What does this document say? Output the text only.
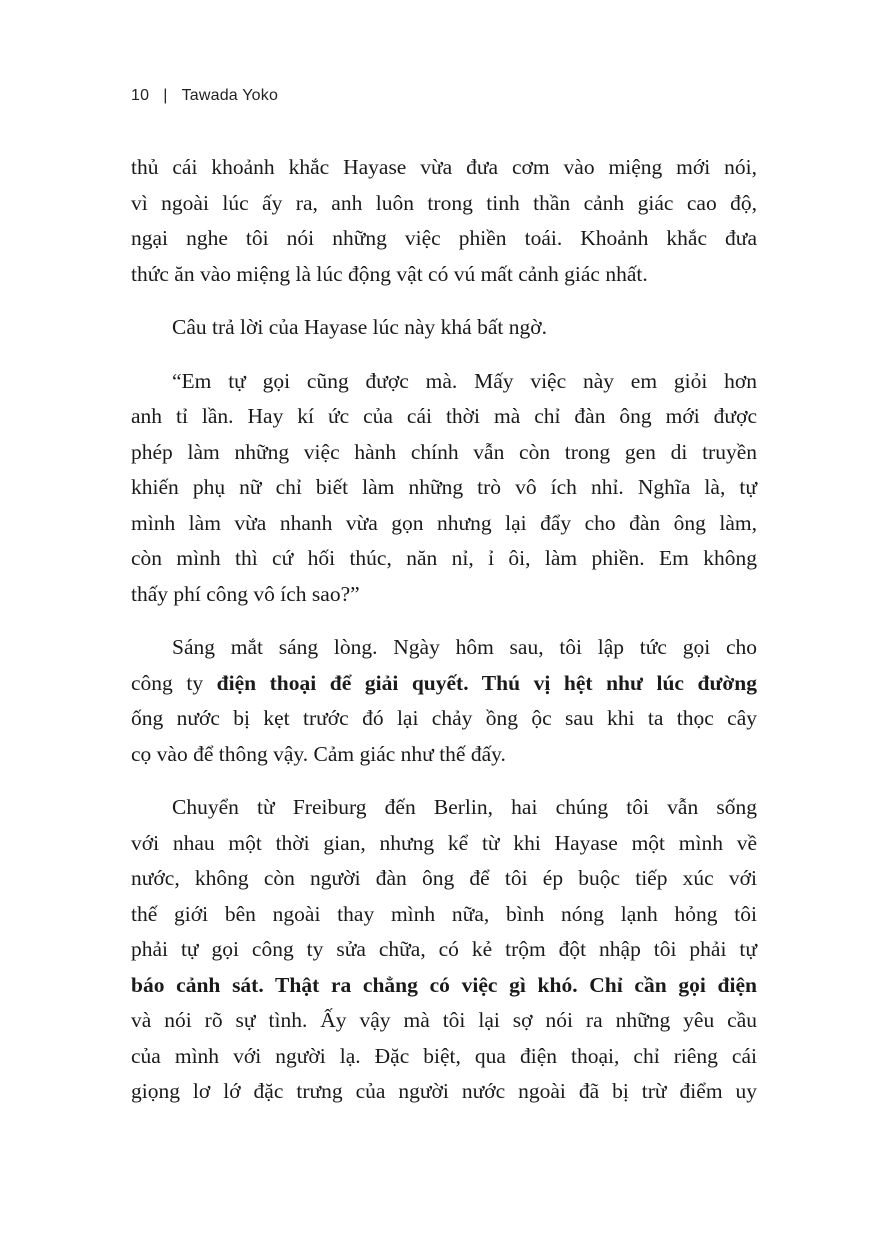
10 | Tawada Yoko

thủ cái khoảnh khắc Hayase vừa đưa cơm vào miệng mới nói,
vì ngoài lúc ấy ra, anh luôn trong tinh thần cảnh giác cao độ,
ngại nghe tôi nói những việc phiền toái. Khoảnh khắc đưa
thức ăn vào miệng là lúc động vật có vú mất cảnh giác nhất.

Câu trả lời của Hayase lúc này khá bất ngờ.

“Em tự gọi cũng được mà. Mấy việc này em giỏi hơn
anh tỉ lần. Hay kí ức của cái thời mà chỉ đàn ông mới được
phép làm những việc hành chính vẫn còn trong gen di truyền
khiến phụ nữ chỉ biết làm những trò vô ích nhỉ. Nghĩa là, tự
mình làm vừa nhanh vừa gọn nhưng lại đẩy cho đàn ông làm,
còn mình thì cứ hối thúc, năn nỉ, ỉ ôi, làm phiền. Em không
thấy phí công vô ích sao?”

Sáng mắt sáng lòng. Ngày hôm sau, tôi lập tức gọi cho
công ty điện thoại để giải quyết. Thú vị hệt như lúc đường
ống nước bị kẹt trước đó lại chảy ồng ộc sau khi ta thọc cây
cọ vào để thông vậy. Cảm giác như thế đấy.

Chuyển từ Freiburg đến Berlin, hai chúng tôi vẫn sống
với nhau một thời gian, nhưng kể từ khi Hayase một mình về
nước, không còn người đàn ông để tôi ép buộc tiếp xúc với
thế giới bên ngoài thay mình nữa, bình nóng lạnh hỏng tôi
phải tự gọi công ty sửa chữa, có kẻ trộm đột nhập tôi phải tự
báo cảnh sát. Thật ra chẳng có việc gì khó. Chỉ cần gọi điện
và nói rõ sự tình. Ấy vậy mà tôi lại sợ nói ra những yêu cầu
của mình với người lạ. Đặc biệt, qua điện thoại, chỉ riêng cái
giọng lơ lớ đặc trưng của người nước ngoài đã bị trừ điểm uy
